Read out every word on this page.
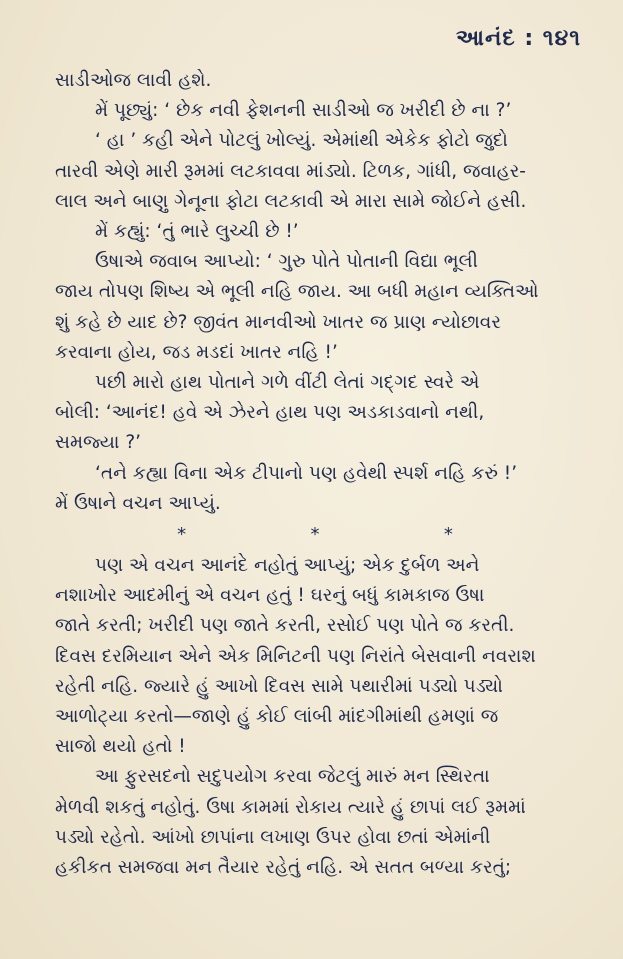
આનંદ : ૧૪૧
સાડીઓજ લાવી હશે.
મેં પૂછ્યું: ‘ છેક નવી ફેશનની સાડીઓ જ ખરીદી છે ના ?’
‘ હા ’ કહી એને પોટલું ખોલ્યું. એમાંથી એકેક ફોટો જુદો
તારવી એણે મારી રૂમમાં લટકાવવા માંડ્યો. ટિળક, ગાંધી, જવાહર-
લાલ અને બાણુ ગેનૂના ફોટા લટકાવી એ મારા સામે જોઈને હસી.
મેં કહ્યું: ‘તું ભારે લુચ્ચી છે !’
ઉષાએ જવાબ આપ્યો: ‘ ગુરુ પોતે પોતાની વિદ્યા ભૂલી
જાય તોપણ શિષ્ય એ ભૂલી નહિ જાય. આ બધી મહાન વ્યક્તિઓ
શું કહે છે યાદ છે? જીવંત માનવીઓ ખાતર જ પ્રાણ ન્યોછાવર
કરવાના હોય, જડ મડદાં ખાતર નહિ !’
પછી મારો હાથ પોતાને ગળે વીંટી લેતાં ગદ્ગદ સ્વરે એ
બોલી: ‘આનંદ! હવે એ ઝેરને હાથ પણ અડકાડવાનો નથી,
સમજ્યા ?’
‘તને કહ્યા વિના એક ટીપાનો પણ હવેથી સ્પર્શ નહિ કરું !’
મેં ઉષાને વચન આપ્યું.
*	*	*
પણ એ વચન આનંદે નહોતું આપ્યું; એક દુર્બળ અને
નશાખોર આદમીનું એ વચન હતું ! ઘરનું બધું કામકાજ ઉષા
જાતે કરતી; ખરીદી પણ જાતે કરતી, રસોઈ પણ પોતે જ કરતી.
દિવસ દરમિયાન એને એક મિનિટની પણ નિરાંતે બેસવાની નવરાશ
રહેતી નહિ. જ્યારે હું આખો દિવસ સામે પથારીમાં પડ્યો પડ્યો
આળોટ્યા કરતો—જાણે હું કોઈ લાંબી માંદગીમાંથી હમણાં જ
સાજો થયો હતો !
આ ફુરસદનો સદુપયોગ કરવા જેટલું મારું મન સ્થિરતા
મેળવી શકતું નહોતું. ઉષા કામમાં રોકાય ત્યારે હું છાપાં લઈ રૂમમાં
પડ્યો રહેતો. આંખો છાપાંના લખાણ ઉપર હોવા છતાં એમાંની
હકીકત સમજવા મન તૈયાર રહેતું નહિ. એ સતત બળ્યા કરતું;
